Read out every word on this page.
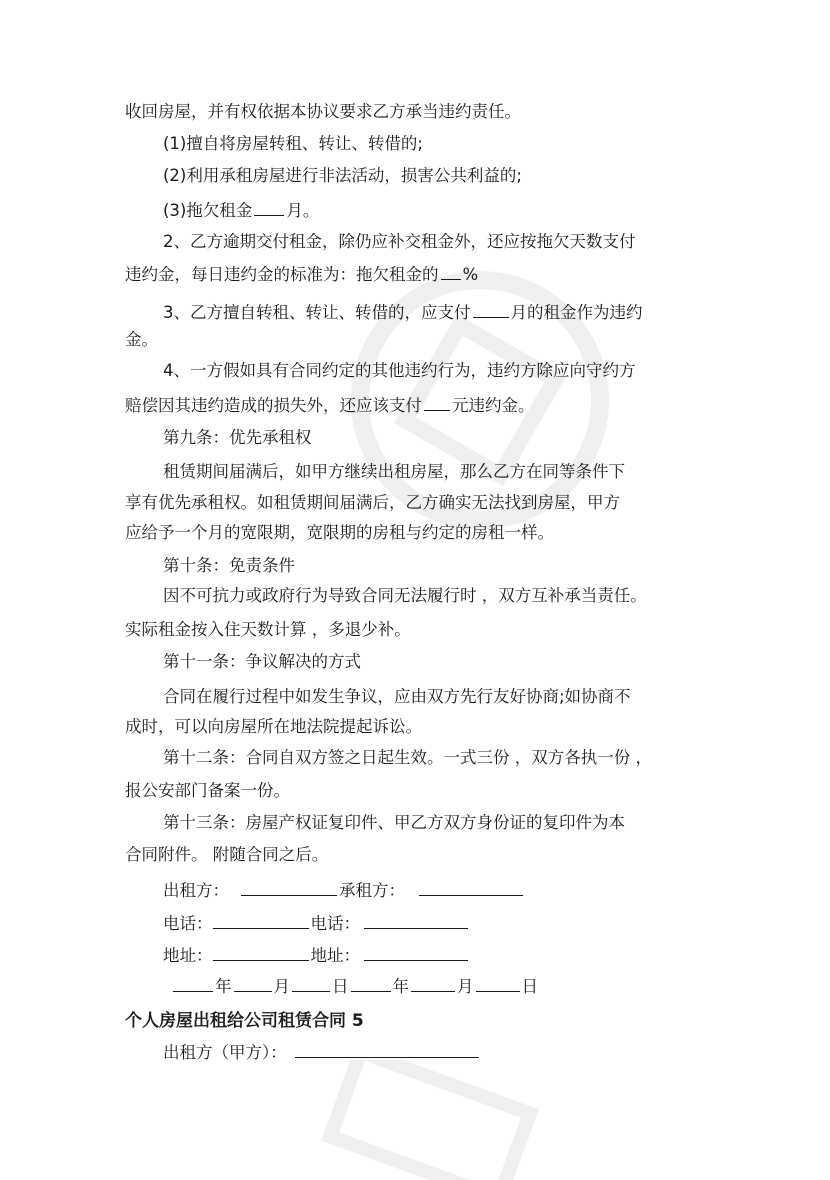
收回房屋，并有权依据本协议要求乙方承当违约责任。
(1)擅自将房屋转租、转让、转借的;
(2)利用承租房屋进行非法活动，损害公共利益的;
(3)拖欠租金 月。
2、乙方逾期交付租金，除仍应补交租金外，还应按拖欠天数支付
违约金，每日违约金的标准为：拖欠租金的 %
3、乙方擅自转租、转让、转借的，应支付 月的租金作为违约
金。
4、一方假如具有合同约定的其他违约行为，违约方除应向守约方
赔偿因其违约造成的损失外，还应该支付 元违约金。
第九条：优先承租权
租赁期间届满后，如甲方继续出租房屋，那么乙方在同等条件下
享有优先承租权。如租赁期间届满后，乙方确实无法找到房屋，甲方
应给予一个月的宽限期，宽限期的房租与约定的房租一样。
第十条：免责条件
因不可抗力或政府行为导致合同无法履行时 ，双方互补承当责任。
实际租金按入住天数计算 ，多退少补。
第十一条：争议解决的方式
合同在履行过程中如发生争议，应由双方先行友好协商;如协商不
成时，可以向房屋所在地法院提起诉讼。
第十二条：合同自双方签之日起生效。一式三份 ，双方各执一份 ，
报公安部门备案一份。
第十三条：房屋产权证复印件、甲乙方双方身份证的复印件为本
合同附件。 附随合同之后。
出租方：	承租方：
电话：	电话：
地址：	地址：
年	月	日	年	月	日
个人房屋出租给公司租赁合同 5
出租方（甲方）：
